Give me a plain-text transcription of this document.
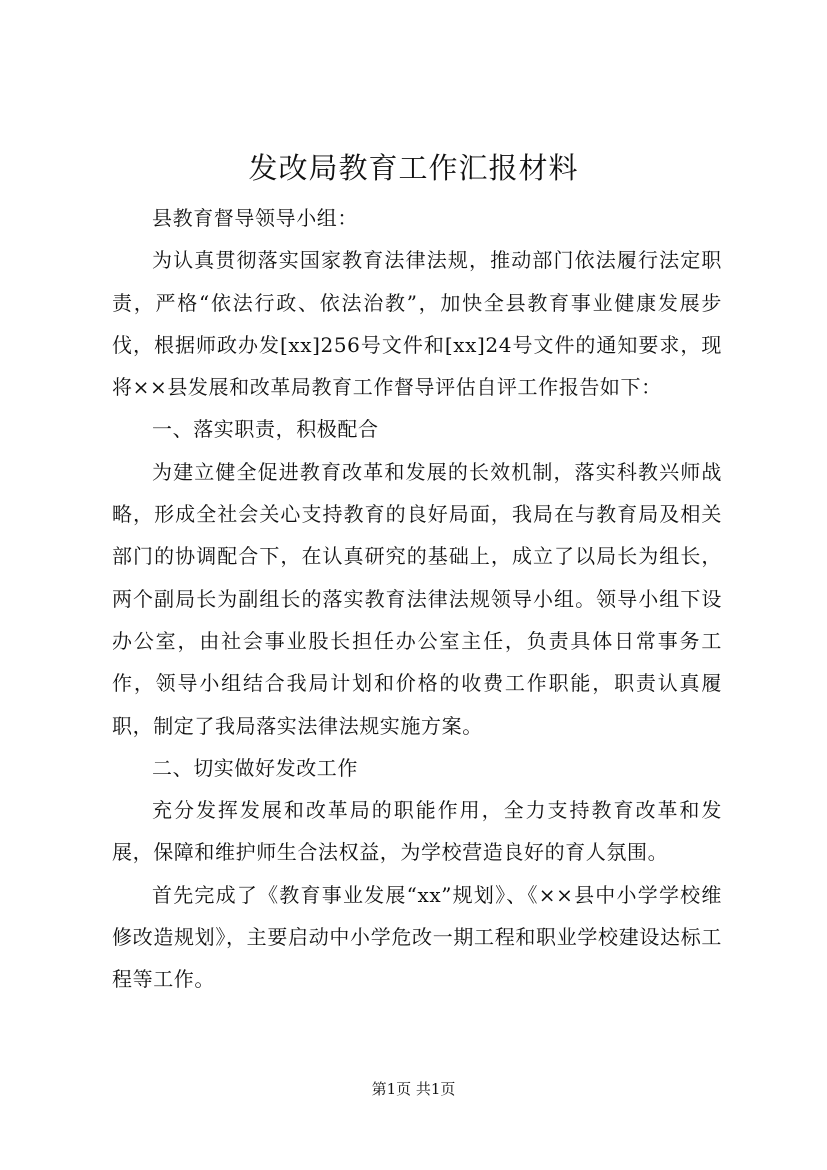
发改局教育工作汇报材料

县教育督导领导小组：

为认真贯彻落实国家教育法律法规，推动部门依法履行法定职责，严格“依法行政、依法治教”，加快全县教育事业健康发展步伐，根据师政办发[xx]256号文件和[xx]24号文件的通知要求，现将××县发展和改革局教育工作督导评估自评工作报告如下：

一、落实职责，积极配合

为建立健全促进教育改革和发展的长效机制，落实科教兴师战略，形成全社会关心支持教育的良好局面，我局在与教育局及相关部门的协调配合下，在认真研究的基础上，成立了以局长为组长，两个副局长为副组长的落实教育法律法规领导小组。领导小组下设办公室，由社会事业股长担任办公室主任，负责具体日常事务工作，领导小组结合我局计划和价格的收费工作职能，职责认真履职，制定了我局落实法律法规实施方案。

二、切实做好发改工作

充分发挥发展和改革局的职能作用，全力支持教育改革和发展，保障和维护师生合法权益，为学校营造良好的育人氛围。

首先完成了《教育事业发展“xx”规划》、《××县中小学学校维修改造规划》，主要启动中小学危改一期工程和职业学校建设达标工程等工作。

第1页 共1页
